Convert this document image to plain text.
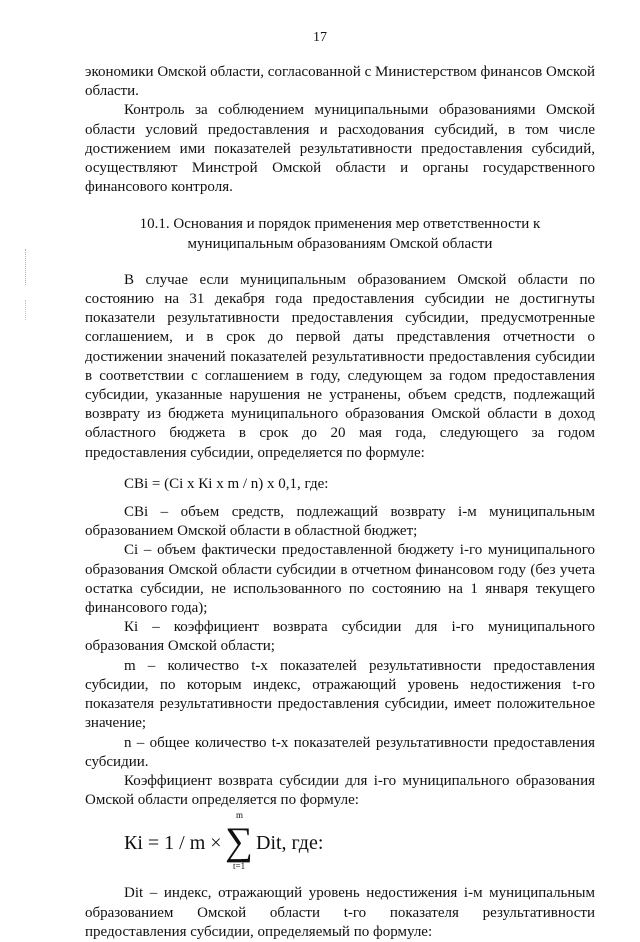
17

экономики Омской области, согласованной с Министерством финансов Омской области.

Контроль за соблюдением муниципальными образованиями Омской области условий предоставления и расходования субсидий, в том числе достижением ими показателей результативности предоставления субсидий, осуществляют Минстрой Омской области и органы государственного финансового контроля.

10.1. Основания и порядок применения мер ответственности к муниципальным образованиям Омской области

В случае если муниципальным образованием Омской области по состоянию на 31 декабря года предоставления субсидии не достигнуты показатели результативности предоставления субсидии, предусмотренные соглашением, и в срок до первой даты представления отчетности о достижении значений показателей результативности предоставления субсидии в соответствии с соглашением в году, следующем за годом предоставления субсидии, указанные нарушения не устранены, объем средств, подлежащий возврату из бюджета муниципального образования Омской области в доход областного бюджета в срок до 20 мая года, следующего за годом предоставления субсидии, определяется по формуле:

СВi = (Сi x Кi x m / n) x 0,1, где:

СВi – объем средств, подлежащий возврату i-м муниципальным образованием Омской области в областной бюджет;

Сi – объем фактически предоставленной бюджету i-го муниципального образования Омской области субсидии в отчетном финансовом году (без учета остатка субсидии, не использованного по состоянию на 1 января текущего финансового года);

Кi – коэффициент возврата субсидии для i-го муниципального образования Омской области;

m – количество t-х показателей результативности предоставления субсидии, по которым индекс, отражающий уровень недостижения t-го показателя результативности предоставления субсидии, имеет положительное значение;

n – общее количество t-х показателей результативности предоставления субсидии.

Коэффициент возврата субсидии для i-го муниципального образования Омской области определяется по формуле:

Кi = 1 / m ×
m
∑
t=1
Dit, где:

Dit – индекс, отражающий уровень недостижения i-м муниципальным образованием Омской области t-го показателя результативности предоставления субсидии, определяемый по формуле:
